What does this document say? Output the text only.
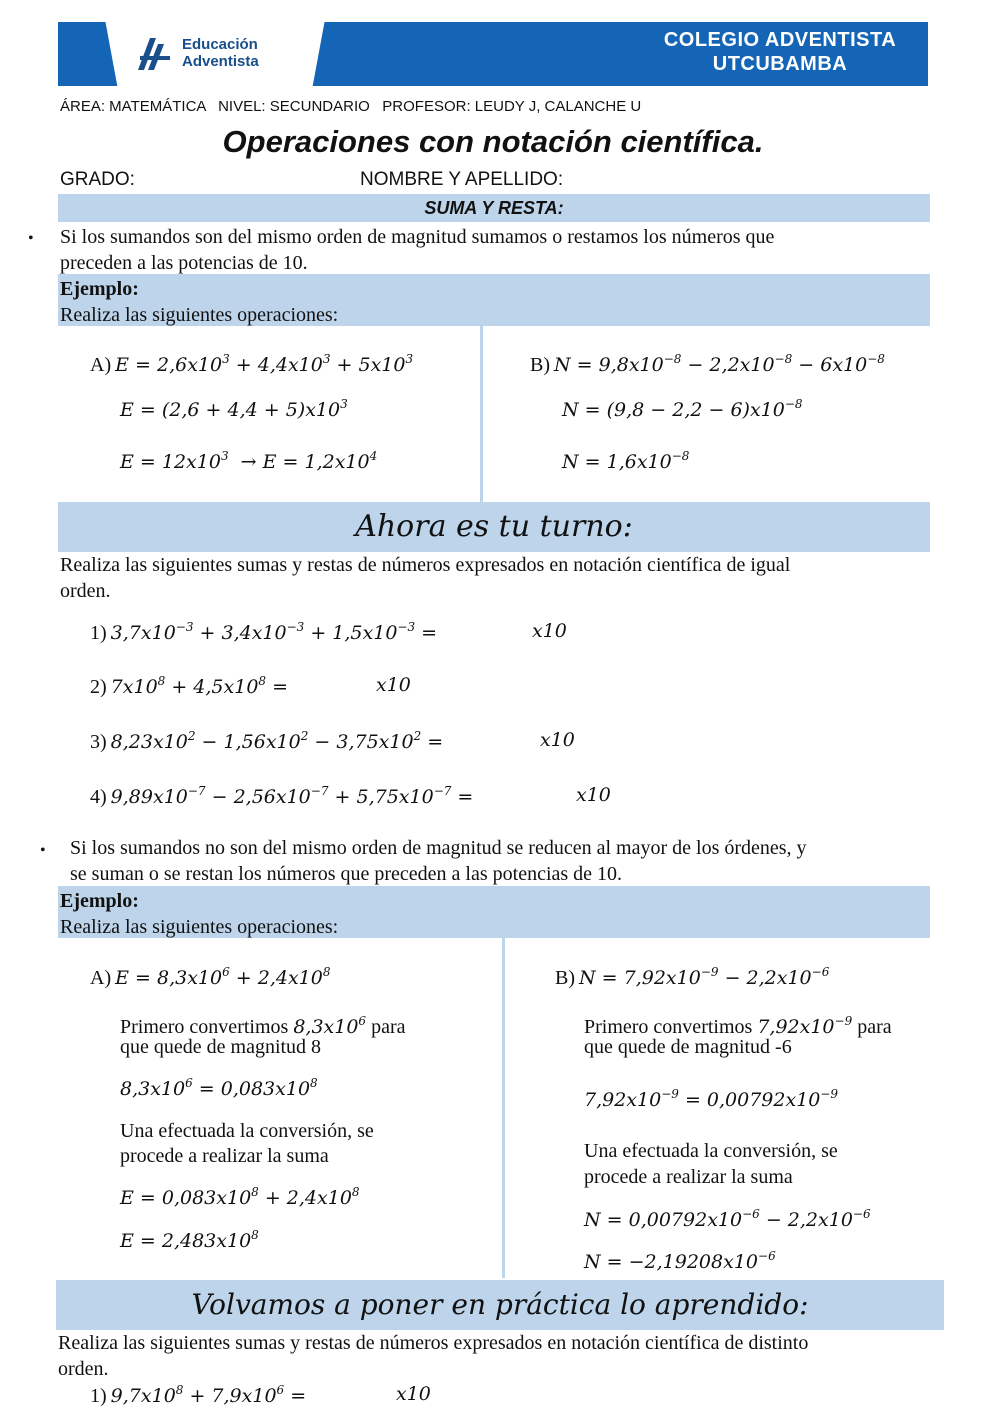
Educación
Adventista
COLEGIO ADVENTISTA
UTCUBAMBA
ÁREA: MATEMÁTICA   NIVEL: SECUNDARIO   PROFESOR: LEUDY J, CALANCHE U
Operaciones con notación científica.
GRADO:	NOMBRE Y APELLIDO:
SUMA Y RESTA:
• Si los sumandos son del mismo orden de magnitud sumamos o restamos los números que
preceden a las potencias de 10.
Ejemplo:
Realiza las siguientes operaciones:
A) $E = 2,6x10^3 + 4,4x10^3 + 5x10^3$
$E = (2,6 + 4,4 + 5)x10^3$
$E = 12x10^3 \to E = 1,2x10^4$
B) $N = 9,8x10^{-8} - 2,2x10^{-8} - 6x10^{-8}$
$N = (9,8 - 2,2 - 6)x10^{-8}$
$N = 1,6x10^{-8}$
Ahora es tu turno:
Realiza las siguientes sumas y restas de números expresados en notación científica de igual
orden.
1) $3,7x10^{-3} + 3,4x10^{-3} + 1,5x10^{-3}$ =	x10
2) $7x10^8 + 4,5x10^8$ =	x10
3) $8,23x10^2 - 1,56x10^2 - 3,75x10^2$ =	x10
4) $9,89x10^{-7} - 2,56x10^{-7} + 5,75x10^{-7}$ =	x10
• Si los sumandos no son del mismo orden de magnitud se reducen al mayor de los órdenes, y
se suman o se restan los números que preceden a las potencias de 10.
Ejemplo:
Realiza las siguientes operaciones:
A) $E = 8,3x10^6 + 2,4x10^8$
Primero convertimos $8,3x10^6$ para
que quede de magnitud 8
$8,3x10^6 = 0,083x10^8$
Una efectuada la conversión, se
procede a realizar la suma
$E = 0,083x10^8 + 2,4x10^8$
$E = 2,483x10^8$
B) $N = 7,92x10^{-9} - 2,2x10^{-6}$
Primero convertimos $7,92x10^{-9}$ para
que quede de magnitud -6
$7,92x10^{-9} = 0,00792x10^{-9}$
Una efectuada la conversión, se
procede a realizar la suma
$N = 0,00792x10^{-6} - 2,2x10^{-6}$
$N = -2,19208x10^{-6}$
Volvamos a poner en práctica lo aprendido:
Realiza las siguientes sumas y restas de números expresados en notación científica de distinto
orden.
1) $9,7x10^8 + 7,9x10^6$ =	x10
